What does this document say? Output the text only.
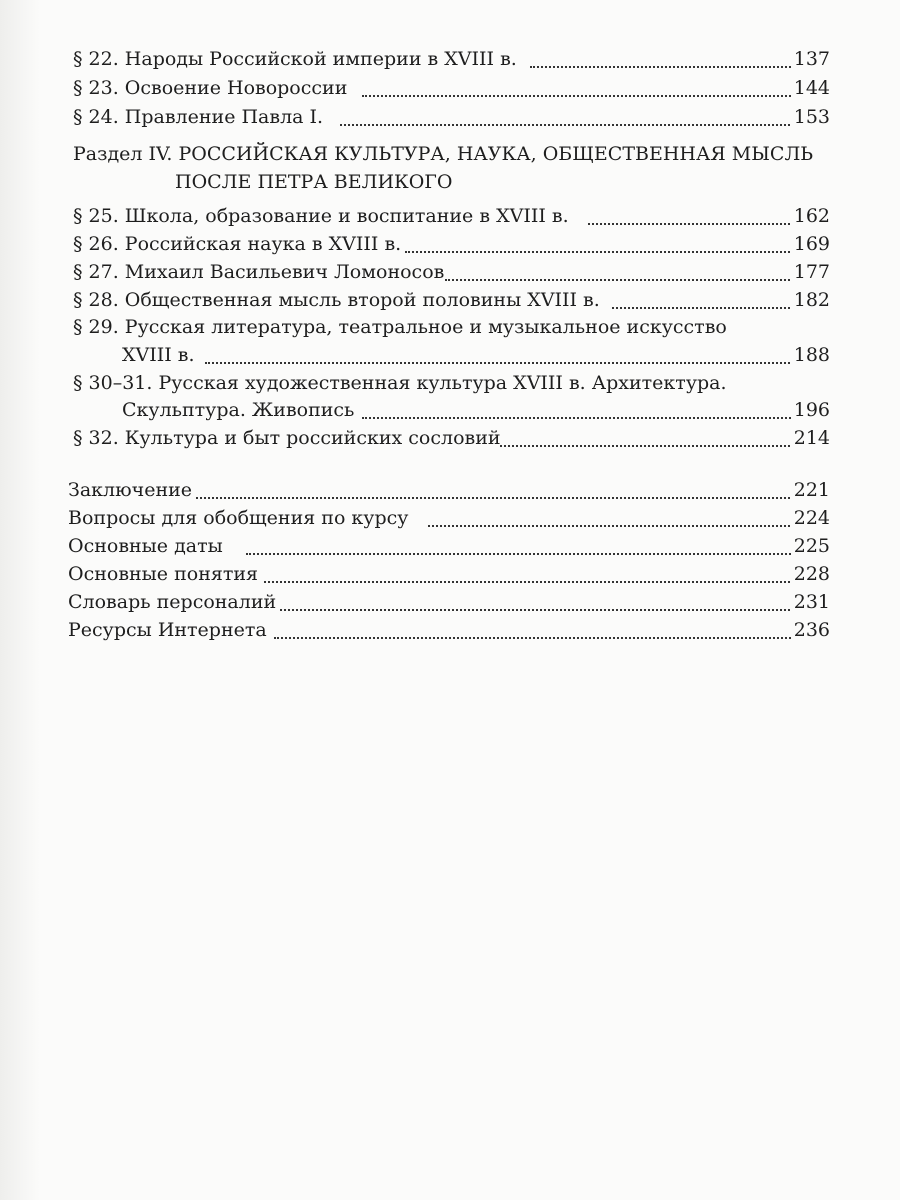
§ 22. Народы Российской империи в XVIII в.	137
§ 23. Освоение Новороссии	144
§ 24. Правление Павла I.	153
Раздел IV. РОССИЙСКАЯ КУЛЬТУРА, НАУКА, ОБЩЕСТВЕННАЯ МЫСЛЬ
ПОСЛЕ ПЕТРА ВЕЛИКОГО
§ 25. Школа, образование и воспитание в XVIII в.	162
§ 26. Российская наука в XVIII в.	169
§ 27. Михаил Васильевич Ломоносов	177
§ 28. Общественная мысль второй половины XVIII в.	182
§ 29. Русская литература, театральное и музыкальное искусство
XVIII в.	188
§ 30–31. Русская художественная культура XVIII в. Архитектура.
Скульптура. Живопись	196
§ 32. Культура и быт российских сословий	214
Заключение	221
Вопросы для обобщения по курсу	224
Основные даты	225
Основные понятия	228
Словарь персоналий	231
Ресурсы Интернета	236
